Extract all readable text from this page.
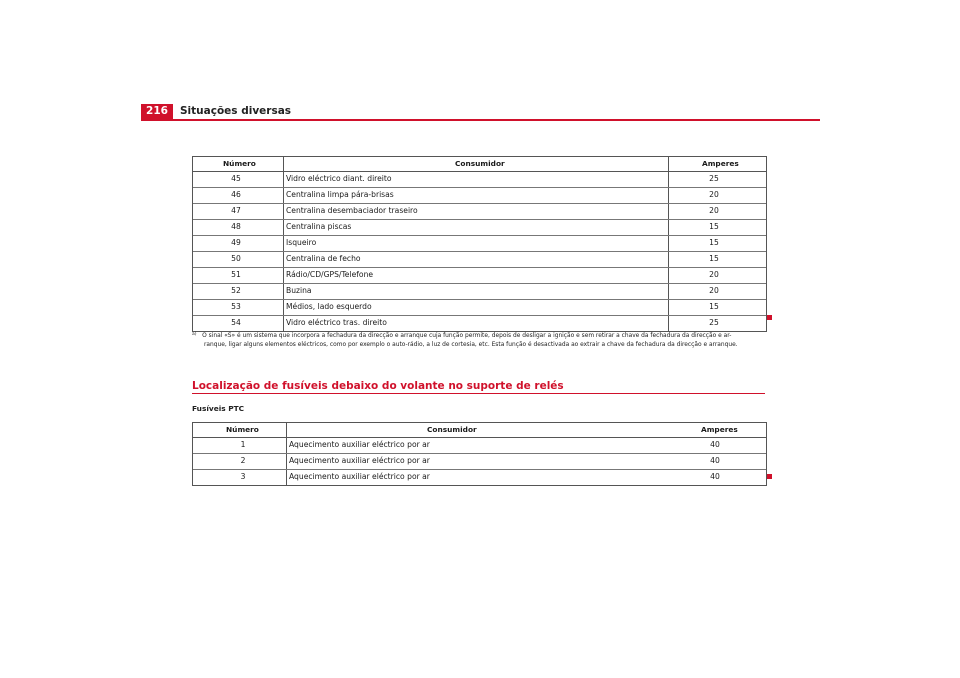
216	Situações diversas
Número	Consumidor	Amperes
45	Vidro eléctrico diant. direito	25
46	Centralina limpa pára-brisas	20
47	Centralina desembaciador traseiro	20
48	Centralina piscas	15
49	Isqueiro	15
50	Centralina de fecho	15
51	Rádio/CD/GPS/Telefone	20
52	Buzina	20
53	Médios, lado esquerdo	15
54	Vidro eléctrico tras. direito	25
$^{a)}$ O sinal «S» é um sistema que incorpora a fechadura da direcção e arranque cuja função permite, depois de desligar a ignição e sem retirar a chave da fechadura da direcção e ar-
ranque, ligar alguns elementos eléctricos, como por exemplo o auto-rádio, a luz de cortesia, etc. Esta função é desactivada ao extrair a chave da fechadura da direcção e arranque.
Localização de fusíveis debaixo do volante no suporte de relés
Fusíveis PTC
Número	Consumidor	Amperes
1	Aquecimento auxiliar eléctrico por ar	40
2	Aquecimento auxiliar eléctrico por ar	40
3	Aquecimento auxiliar eléctrico por ar	40
